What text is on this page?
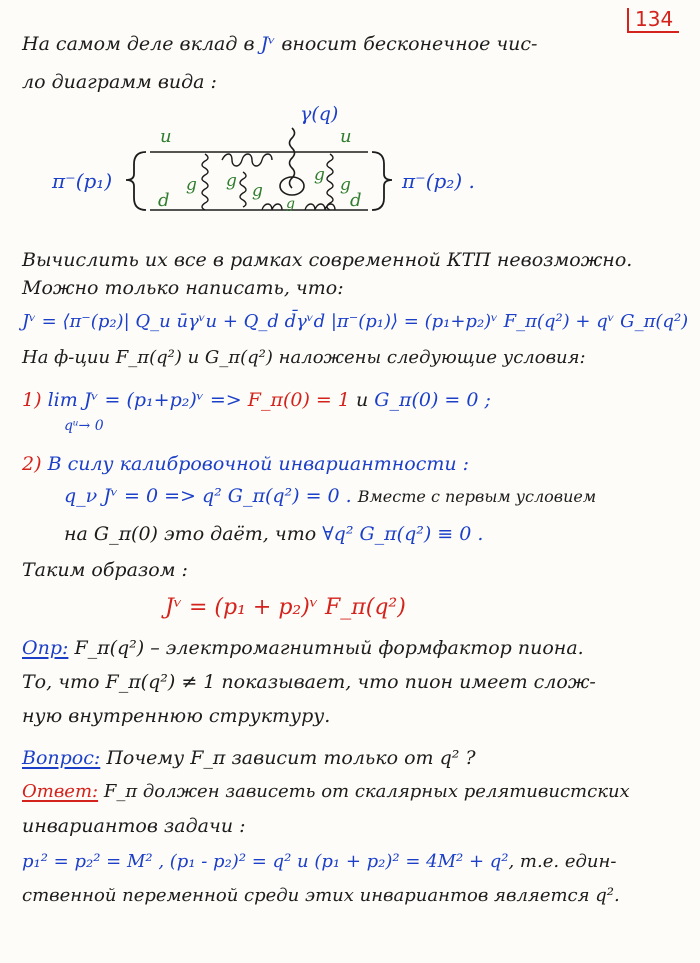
134
На самом деле вклад в Jᵛ вносит бесконечное чис-
ло диаграмм вида :
γ(q)
u	u
d	d
g g g
g g
g
π⁻(p₁)	π⁻(p₂) .
Вычислить их все в рамках современной КТП невозможно.
Можно только написать, что:
Jᵛ = ⟨π⁻(p₂)| Q_u ūγᵛu + Q_d d̄γᵛd |π⁻(p₁)⟩ = (p₁+p₂)ᵛ F_π(q²) + qᵛ G_π(q²)
На ф-ции F_π(q²) и G_π(q²) наложены следующие условия:
1) lim Jᵛ = (p₁+p₂)ᵛ => F_π(0) = 1 и G_π(0) = 0 ;
qᵘ→ 0
2) В силу калибровочной инвариантности :
q_ν Jᵛ = 0 => q² G_π(q²) = 0 . Вместе с первым условием
на G_π(0) это даёт, что ∀q² G_π(q²) ≡ 0 .
Таким образом :
Jᵛ = (p₁ + p₂)ᵛ F_π(q²)
Опр: F_π(q²) – электромагнитный формфактор пиона.
То, что F_π(q²) ≠ 1 показывает, что пион имеет слож-
ную внутреннюю структуру.
Вопрос: Почему F_π зависит только от q² ?
Ответ: F_π должен зависеть от скалярных релятивистских
инвариантов задачи :
p₁² = p₂² = M² , (p₁ - p₂)² = q² и (p₁ + p₂)² = 4M² + q², т.е. един-
ственной переменной среди этих инвариантов является q².
